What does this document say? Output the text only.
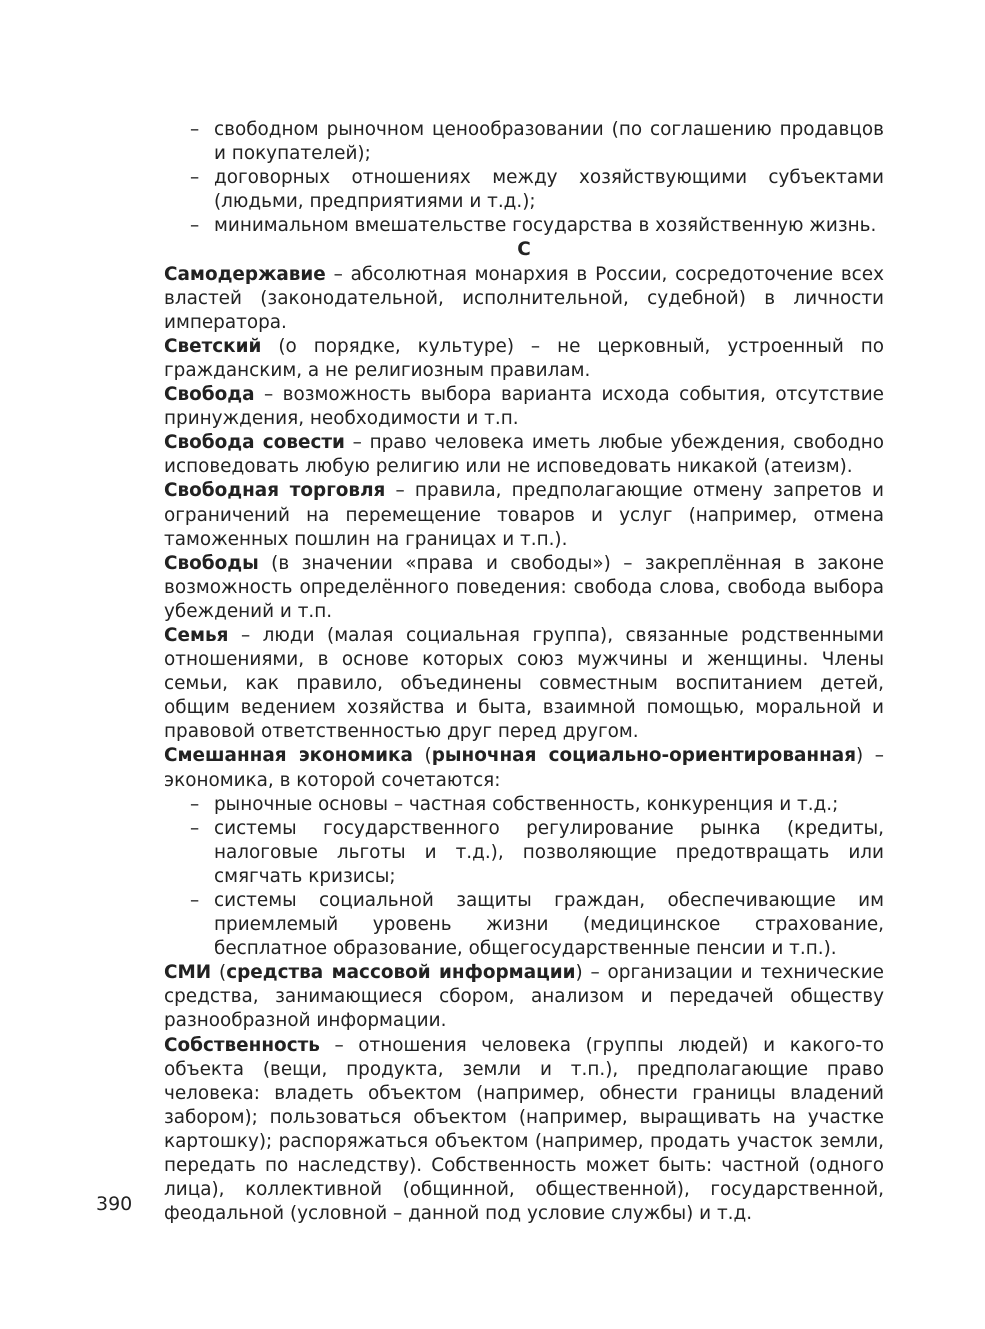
– свободном рыночном ценообразовании (по соглашению продавцов и покупателей);

– договорных отношениях между хозяйствующими субъектами (людьми, предприятиями и т.д.);

– минимальном вмешательстве государства в хозяйственную жизнь.

С

Самодержавие – абсолютная монархия в России, сосредоточение всех властей (законодательной, исполнительной, судебной) в личности императора.

Светский (о порядке, культуре) – не церковный, устроенный по гражданским, а не религиозным правилам.

Свобода – возможность выбора варианта исхода события, отсутствие принуждения, необходимости и т.п.

Свобода совести – право человека иметь любые убеждения, свободно исповедовать любую религию или не исповедовать никакой (атеизм).

Свободная торговля – правила, предполагающие отмену запретов и ограничений на перемещение товаров и услуг (например, отмена таможенных пошлин на границах и т.п.).

Свободы (в значении «права и свободы») – закреплённая в законе возможность определённого поведения: свобода слова, свобода выбора убеждений и т.п.

Семья – люди (малая социальная группа), связанные родственными отношениями, в основе которых союз мужчины и женщины. Члены семьи, как правило, объединены совместным воспитанием детей, общим ведением хозяйства и быта, взаимной помощью, моральной и правовой ответственностью друг перед другом.

Смешанная экономика (рыночная социально-ориентированная) – экономика, в которой сочетаются:

– рыночные основы – частная собственность, конкуренция и т.д.;

– системы государственного регулирование рынка (кредиты, налоговые льготы и т.д.), позволяющие предотвращать или смягчать кризисы;

– системы социальной защиты граждан, обеспечивающие им приемлемый уровень жизни (медицинское страхование, бесплатное образование, общегосударственные пенсии и т.п.).

СМИ (средства массовой информации) – организации и технические средства, занимающиеся сбором, анализом и передачей обществу разнообразной информации.

Собственность – отношения человека (группы людей) и какого-то объекта (вещи, продукта, земли и т.п.), предполагающие право человека: владеть объектом (например, обнести границы владений забором); пользоваться объектом (например, выращивать на участке картошку); распоряжаться объектом (например, продать участок земли, передать по наследству). Собственность может быть: частной (одного лица), коллективной (общинной, общественной), государственной, феодальной (условной – данной под условие службы) и т.д.

390
